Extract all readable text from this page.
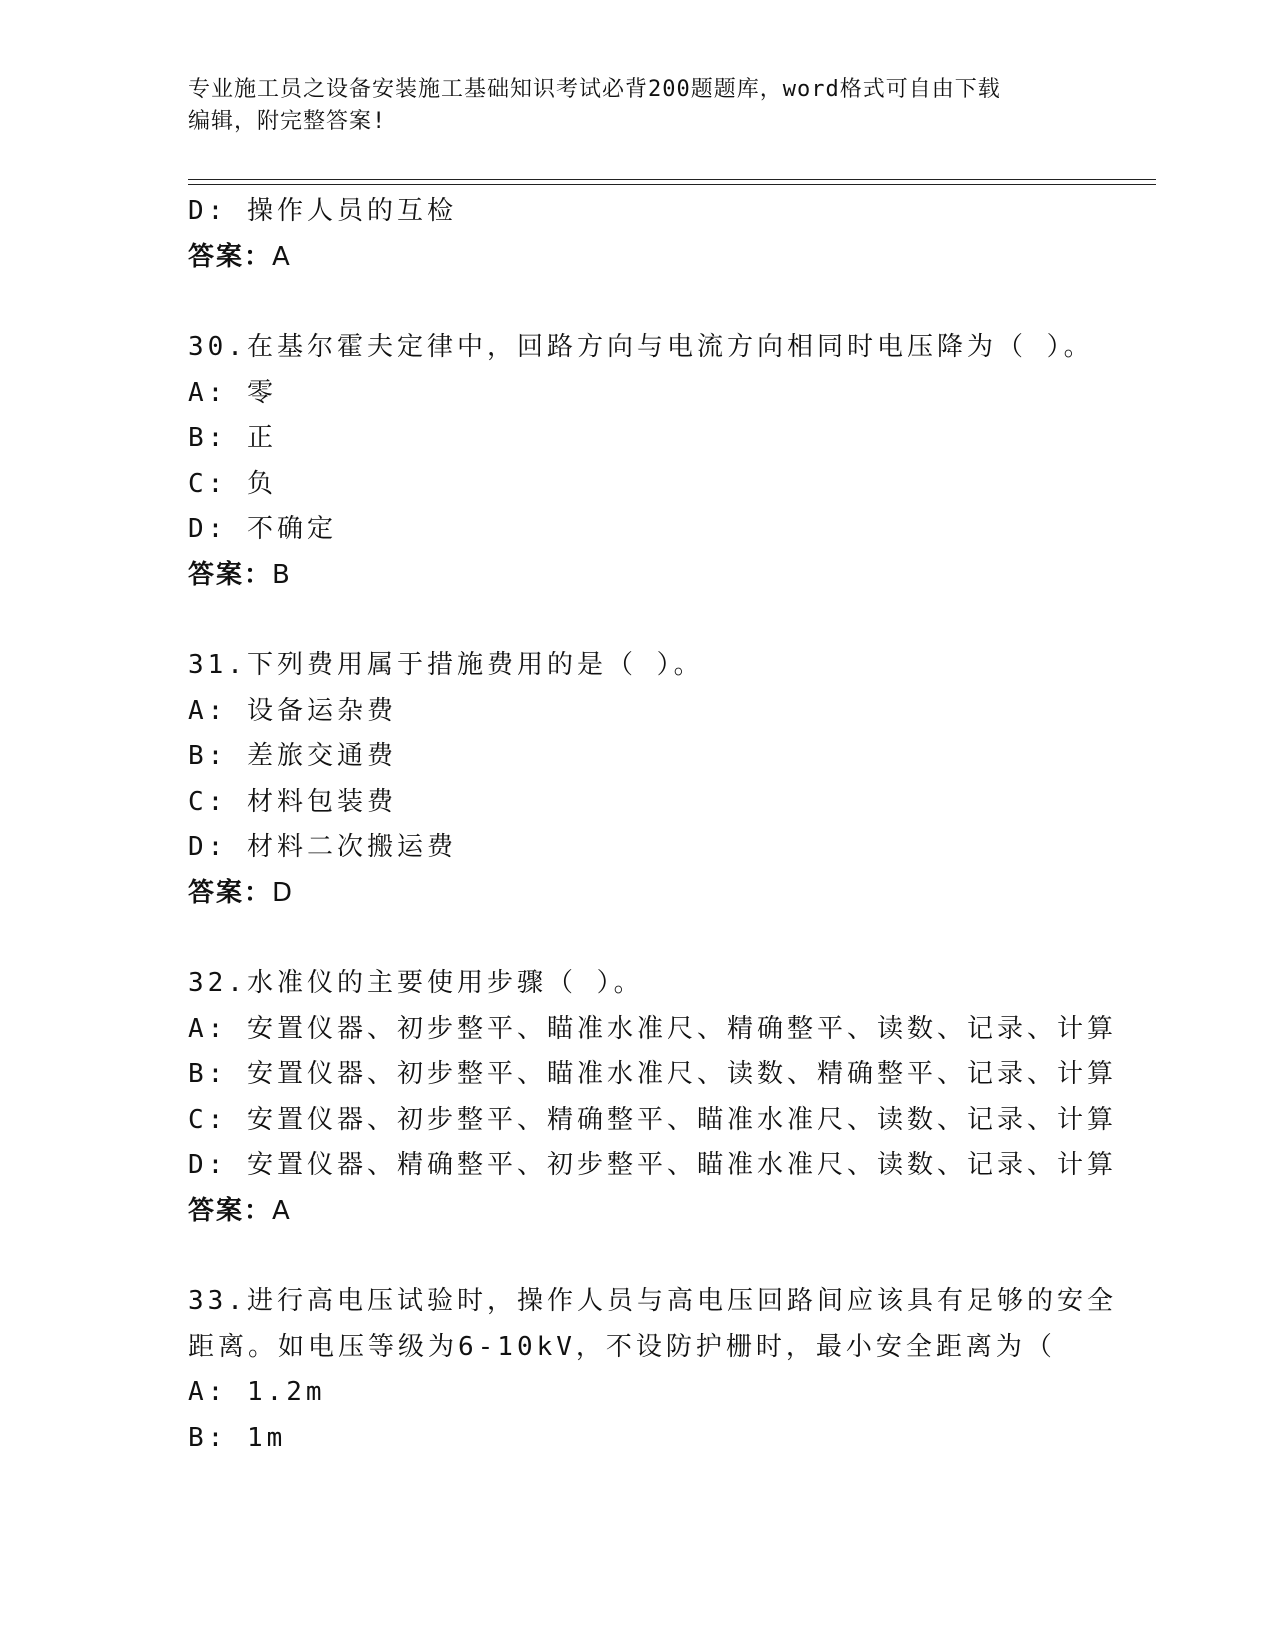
专业施工员之设备安装施工基础知识考试必背200题题库，word格式可自由下载
编辑，附完整答案!
D: 操作人员的互检
答案：A
30.在基尔霍夫定律中，回路方向与电流方向相同时电压降为（ ）。
A: 零
B: 正
C: 负
D: 不确定
答案：B
31.下列费用属于措施费用的是（ ）。
A: 设备运杂费
B: 差旅交通费
C: 材料包装费
D: 材料二次搬运费
答案：D
32.水准仪的主要使用步骤（ ）。
A: 安置仪器、初步整平、瞄准水准尺、精确整平、读数、记录、计算
B: 安置仪器、初步整平、瞄准水准尺、读数、精确整平、记录、计算
C: 安置仪器、初步整平、精确整平、瞄准水准尺、读数、记录、计算
D: 安置仪器、精确整平、初步整平、瞄准水准尺、读数、记录、计算
答案：A
33.进行高电压试验时，操作人员与高电压回路间应该具有足够的安全
距离。如电压等级为6-10kV，不设防护栅时，最小安全距离为（
A: 1.2m
B: 1m
